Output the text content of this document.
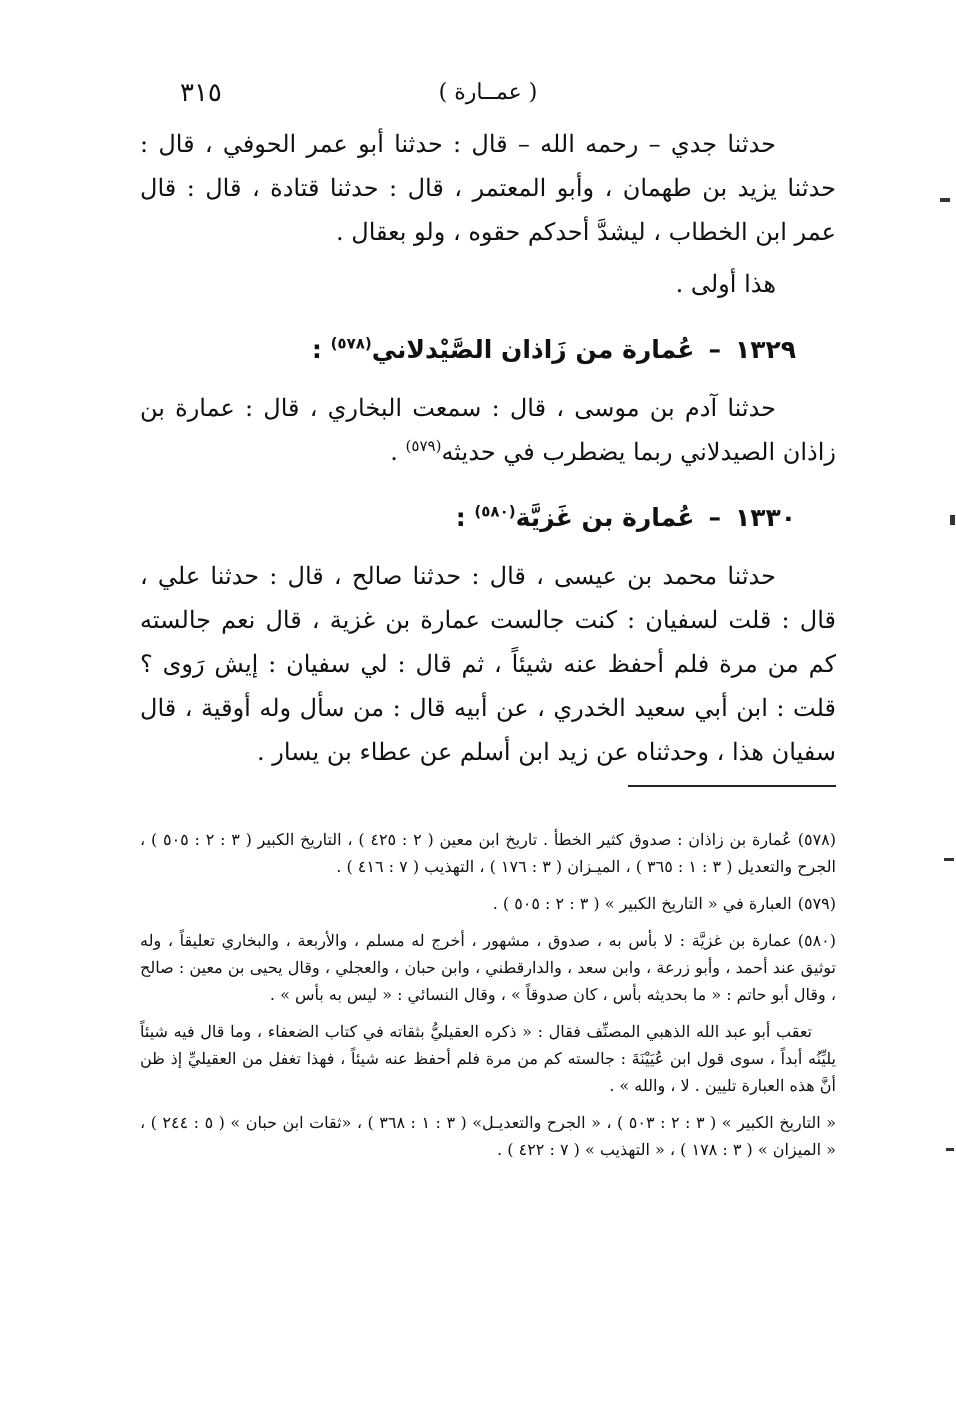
٣١٥	( عمــارة )

حدثنا جدي – رحمه الله – قال : حدثنا أبو عمر الحوفي ، قال : حدثنا يزيد بن طهمان ، وأبو المعتمر ، قال : حدثنا قتادة ، قال : قال عمر ابن الخطاب ، ليشدَّ أحدكم حقوه ، ولو بعقال .

هذا أولى .

١٣٢٩–عُمارة من زَاذان الصَّيْدلاني$^{(٥٧٨)}$ :

حدثنا آدم بن موسى ، قال : سمعت البخاري ، قال : عمارة بن زاذان الصيدلاني ربما يضطرب في حديثه$^{(٥٧٩)}$ .

١٣٣٠–عُمارة بن غَزيَّة$^{(٥٨٠)}$ :

حدثنا محمد بن عيسى ، قال : حدثنا صالح ، قال : حدثنا علي ، قال : قلت لسفيان : كنت جالست عمارة بن غزية ، قال نعم جالسته كم من مرة فلم أحفظ عنه شيئاً ، ثم قال : لي سفيان : إيش رَوى ؟ قلت : ابن أبي سعيد الخدري ، عن أبيه قال : من سأل وله أوقية ، قال سفيان هذا ، وحدثناه عن زيد ابن أسلم عن عطاء بن يسار .

(٥٧٨)عُمارة بن زاذان : صدوق كثير الخطأ . تاريخ ابن معين ( ٢ : ٤٢٥ ) ، التاريخ الكبير ( ٣ : ٢ : ٥٠٥ ) ، الجرح والتعديل ( ٣ : ١ : ٣٦٥ ) ، الميـزان ( ٣ : ١٧٦ ) ، التهذيب ( ٧ : ٤١٦ ) .

(٥٧٩)العبارة في « التاريخ الكبير » ( ٣ : ٢ : ٥٠٥ ) .

(٥٨٠)عمارة بن غزيَّة : لا بأس به ، صدوق ، مشهور ، أخرج له مسلم ، والأربعة ، والبخاري تعليقاً ، وله توثيق عند أحمد ، وأبو زرعة ، وابن سعد ، والدارقطني ، وابن حبان ، والعجلي ، وقال يحيى بن معين : صالح ، وقال أبو حاتم : « ما بحديثه بأس ، كان صدوقاً » ، وقال النسائي : « ليس به بأس » .

تعقب أبو عبد الله الذهبي المصنِّف فقال : « ذكره العقيليُّ بثقاته في كتاب الضعفاء ، وما قال فيه شيئاً يليِّنُه أبداً ، سوى قول ابن عُيَيْنَةَ : جالسته كم من مرة فلم أحفظ عنه شيئاً ، فهذا تغفل من العقيليِّ إذ ظن أنَّ هذه العبارة تليين . لا ، والله » .

« التاريخ الكبير » ( ٣ : ٢ : ٥٠٣ ) ، « الجرح والتعديـل» ( ٣ : ١ : ٣٦٨ ) ، «ثقات ابن حبان » ( ٥ : ٢٤٤ ) ، « الميزان » ( ٣ : ١٧٨ ) ، « التهذيب » ( ٧ : ٤٢٢ ) .
